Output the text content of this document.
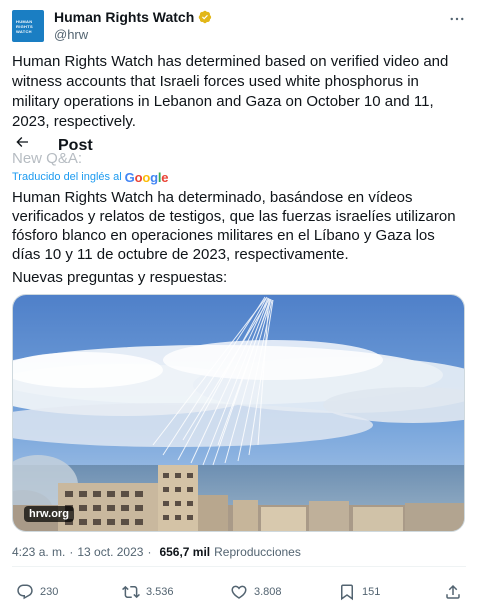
HUMAN
RIGHTS
WATCH
Human Rights Watch
@hrw
Human Rights Watch has determined based on verified video and witness accounts that Israeli forces used white phosphorus in military operations in Lebanon and Gaza on October 10 and 11, 2023, respectively.
New Q&A:
Post
Traducido del inglés al Google
Human Rights Watch ha determinado, basándose en vídeos verificados y relatos de testigos, que las fuerzas israelíes utilizaron fósforo blanco en operaciones militares en el Líbano y Gaza los días 10 y 11 de octubre de 2023, respectivamente.
Nuevas preguntas y respuestas:
hrw.org
4:23 a. m. · 13 oct. 2023 · 656,7 mil Reproducciones
230	3.536	3.808	151
